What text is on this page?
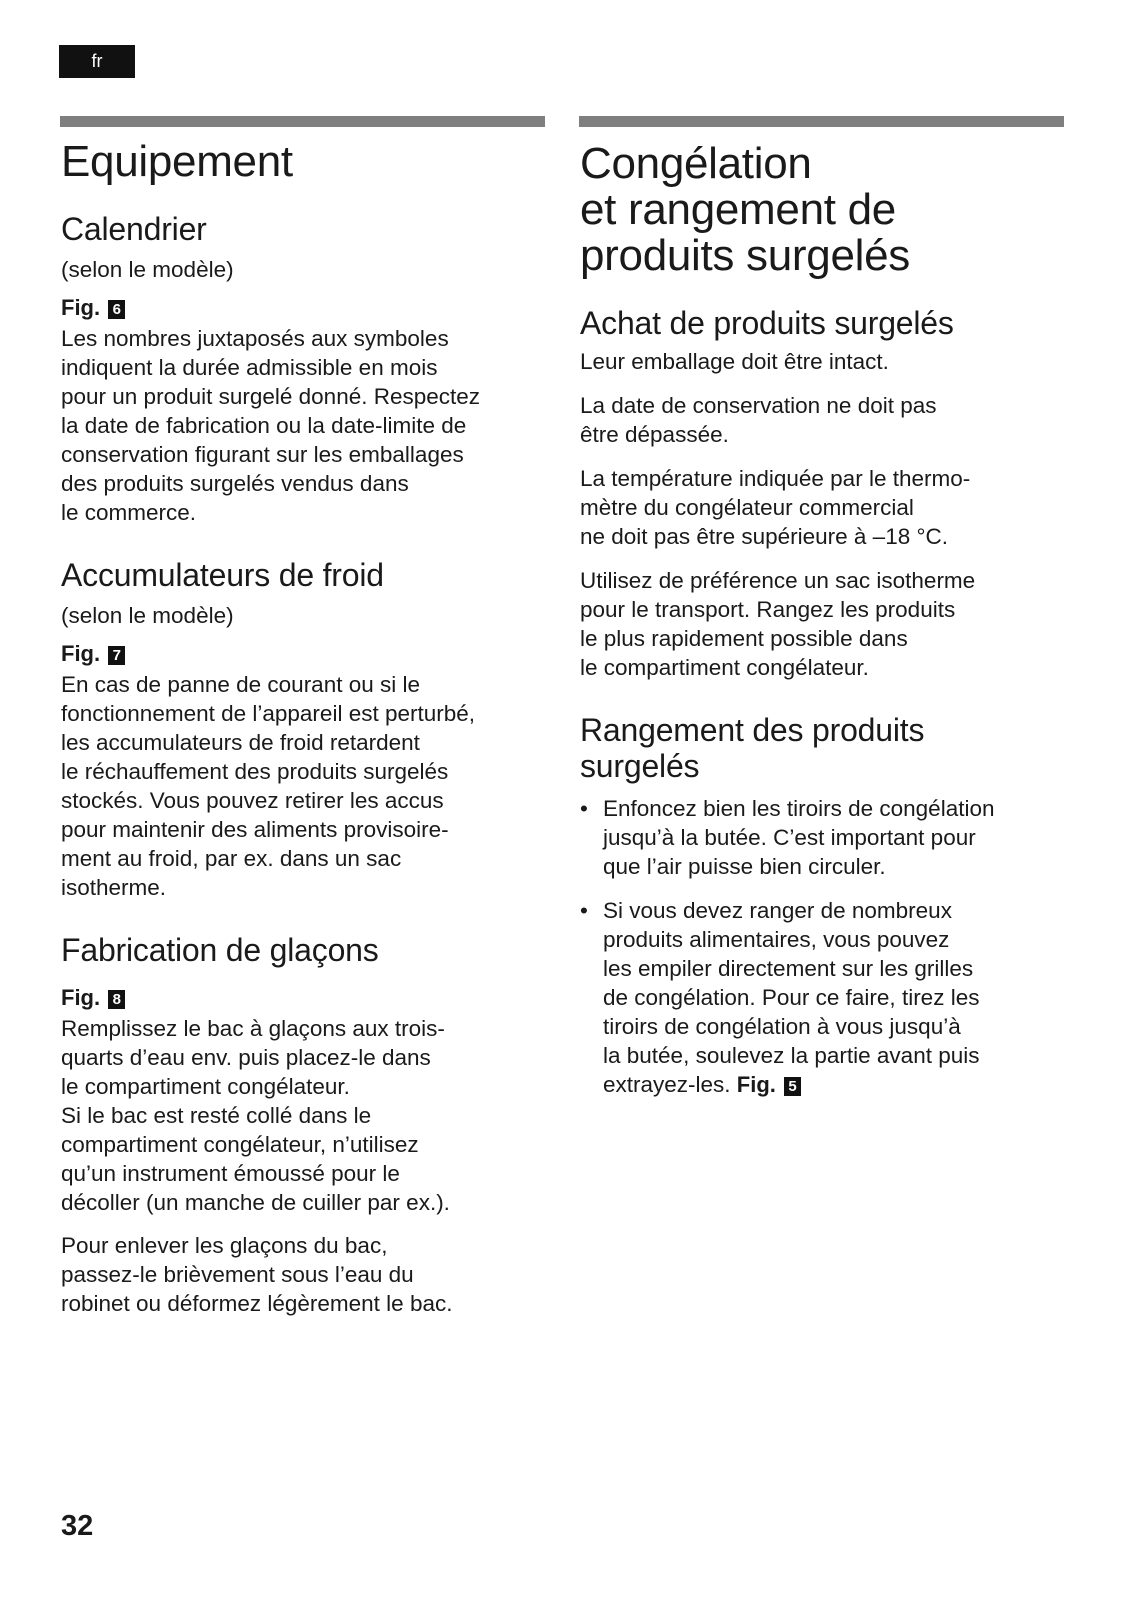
fr
Equipement
Calendrier

(selon le modèle)

Fig. 6

Les nombres juxtaposés aux symboles
indiquent la durée admissible en mois
pour un produit surgelé donné. Respectez
la date de fabrication ou la date-limite de
conservation figurant sur les emballages
des produits surgelés vendus dans
le commerce.

Accumulateurs de froid

(selon le modèle)

Fig. 7

En cas de panne de courant ou si le
fonctionnement de l’appareil est perturbé,
les accumulateurs de froid retardent
le réchauffement des produits surgelés
stockés. Vous pouvez retirer les accus
pour maintenir des aliments provisoire-
ment au froid, par ex. dans un sac
isotherme.

Fabrication de glaçons
Fig. 8

Remplissez le bac à glaçons aux trois-
quarts d’eau env. puis placez-le dans
le compartiment congélateur.
Si le bac est resté collé dans le
compartiment congélateur, n’utilisez
qu’un instrument émoussé pour le
décoller (un manche de cuiller par ex.).

Pour enlever les glaçons du bac,
passez-le brièvement sous l’eau du
robinet ou déformez légèrement le bac.

Congélation
et rangement de
produits surgelés
Achat de produits surgelés

Leur emballage doit être intact.

La date de conservation ne doit pas
être dépassée.

La température indiquée par le thermo-
mètre du congélateur commercial
ne doit pas être supérieure à –18 °C.

Utilisez de préférence un sac isotherme
pour le transport. Rangez les produits
le plus rapidement possible dans
le compartiment congélateur.

Rangement des produits
surgelés
• Enfoncez bien les tiroirs de congélation
jusqu’à la butée. C’est important pour
que l’air puisse bien circuler.
• Si vous devez ranger de nombreux
produits alimentaires, vous pouvez
les empiler directement sur les grilles
de congélation. Pour ce faire, tirez les
tiroirs de congélation à vous jusqu’à
la butée, soulevez la partie avant puis
extrayez-les. Fig. 5
32
